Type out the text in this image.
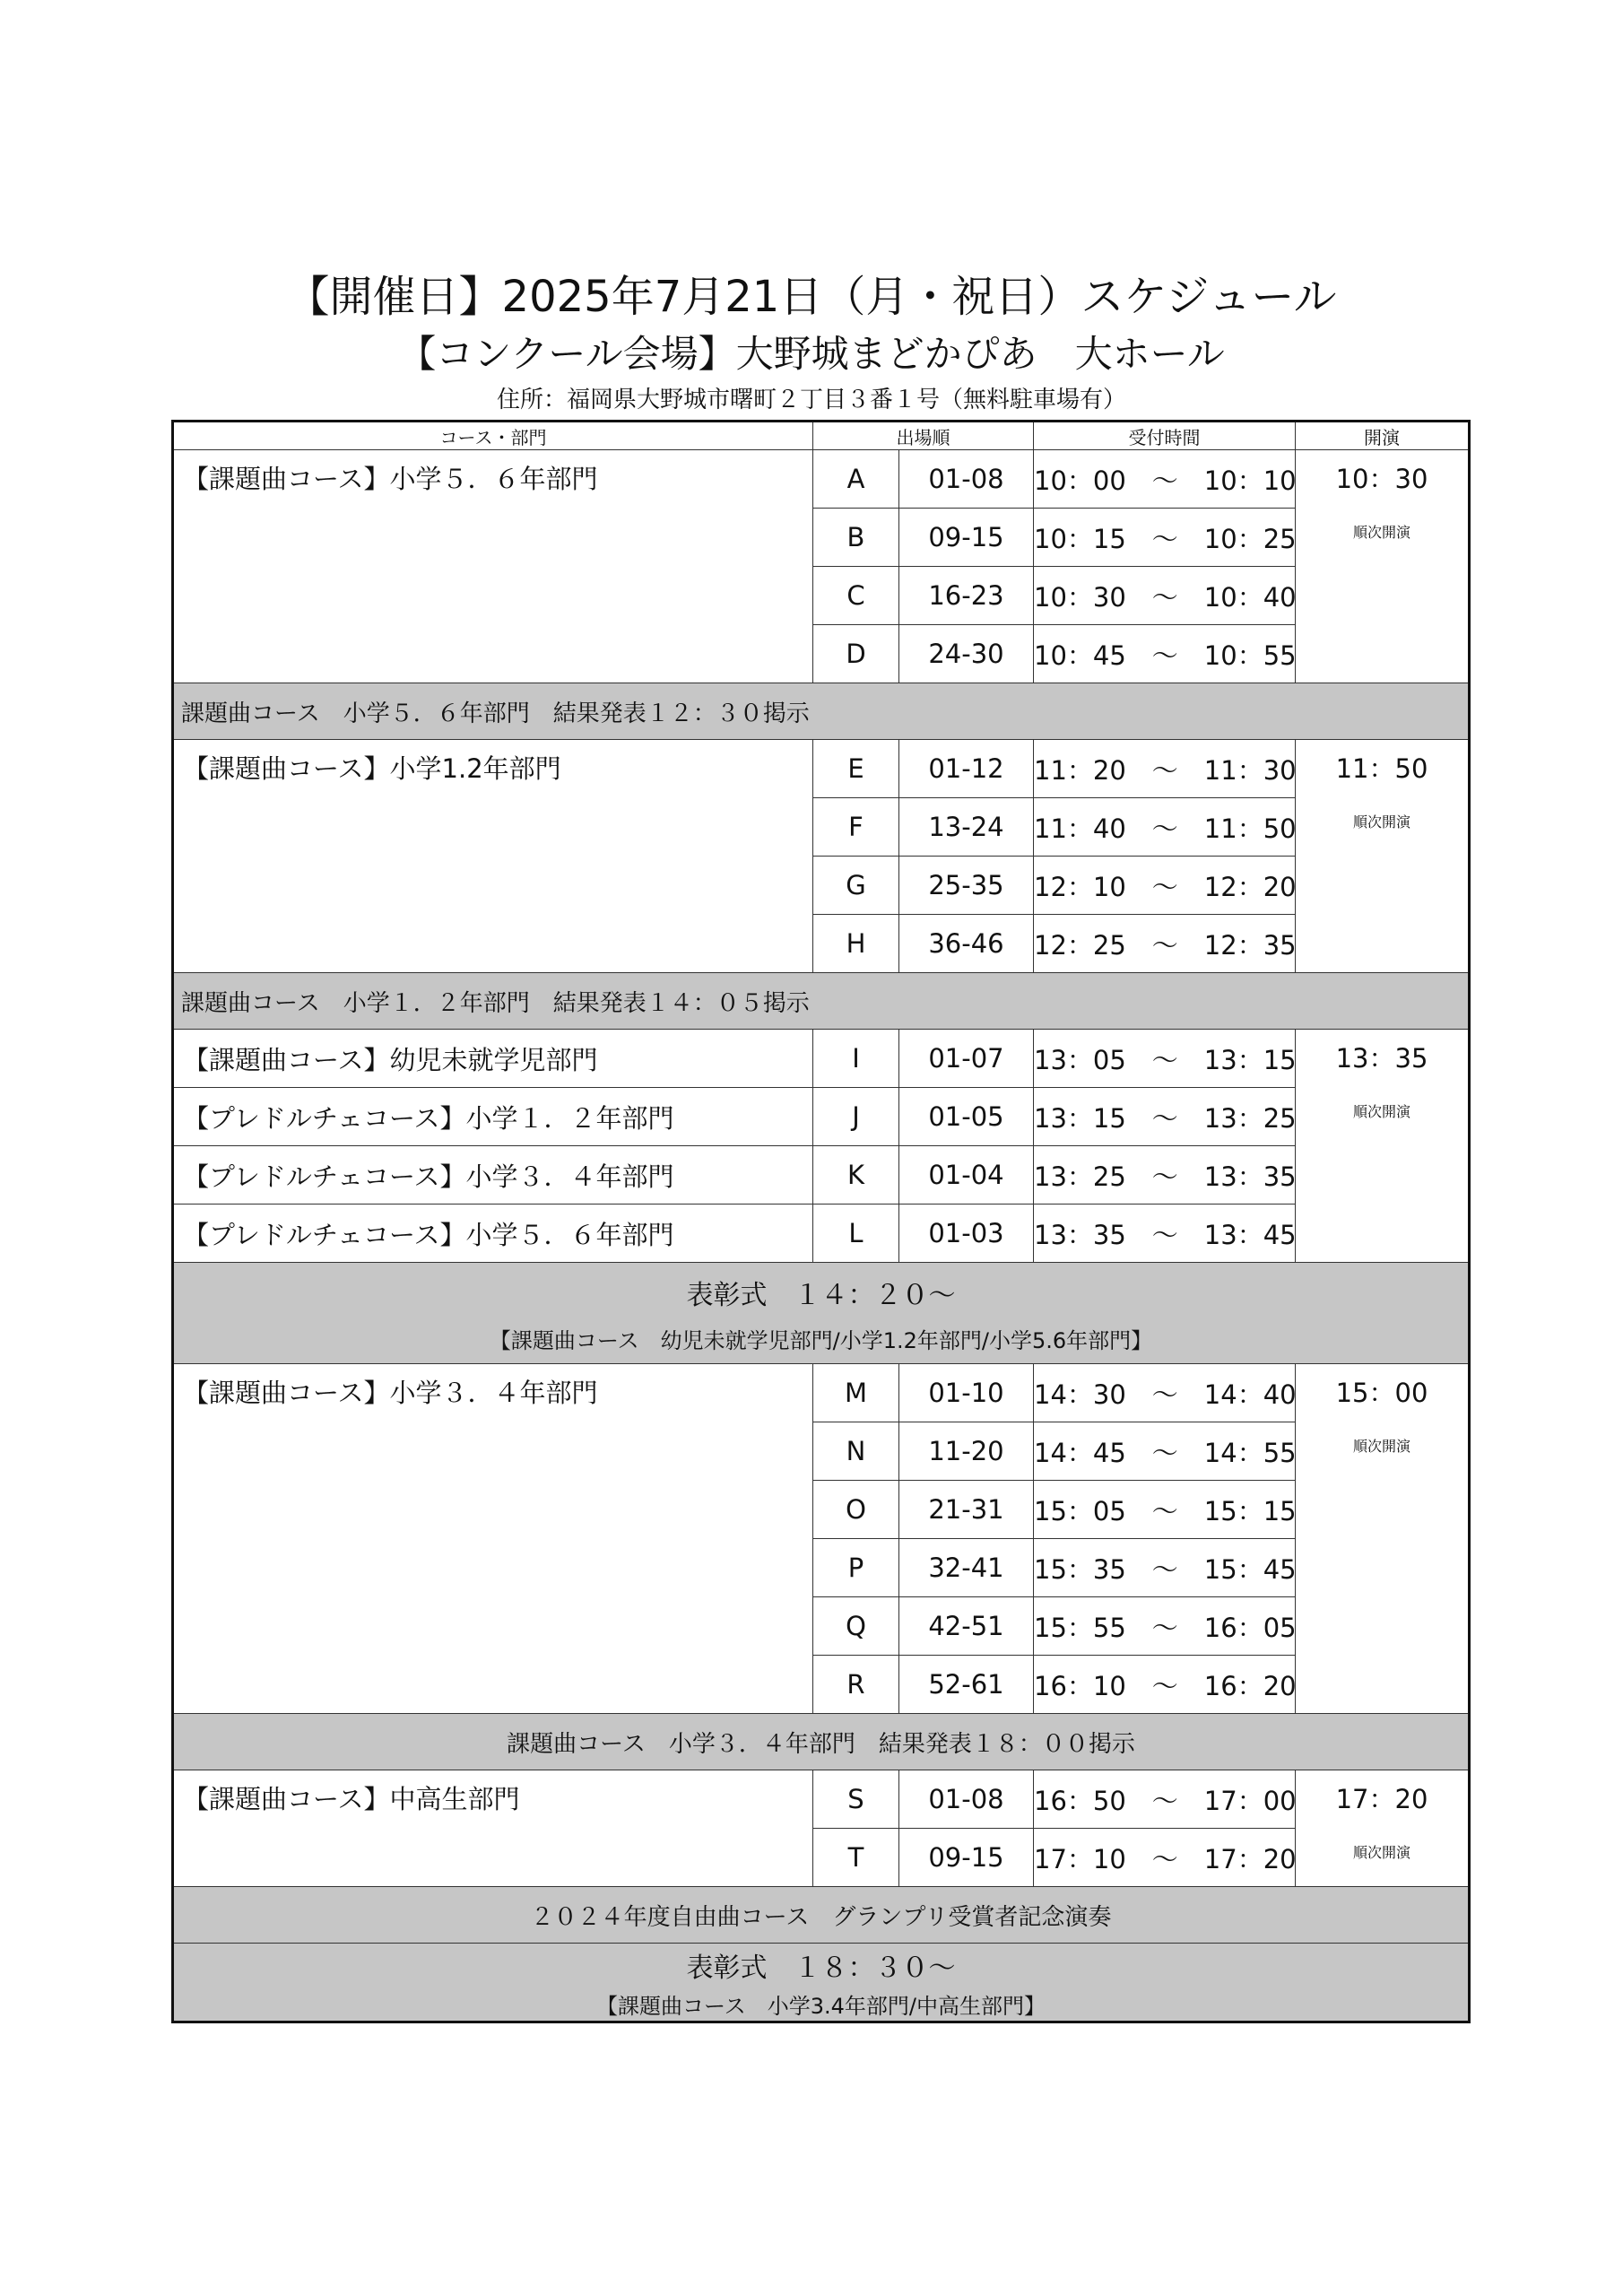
【開催日】2025年7月21日（月・祝日）スケジュール
【コンクール会場】大野城まどかぴあ　大ホール
住所：福岡県大野城市曙町２丁目３番１号（無料駐車場有）
コース・部門	出場順		受付時間	開演
【課題曲コース】小学５．６年部門	A	01-08	10：00　～　10：10	10：30
順次開演

	B	09-15	10：15　～　10：25	
	C	16-23	10：30　～　10：40	
	D	24-30	10：45　～　10：55	
課題曲コース　小学５．６年部門　結果発表１２：３０掲示				
【課題曲コース】小学1.2年部門	E	01-12	11：20　～　11：30	11：50
順次開演

	F	13-24	11：40　～　11：50	
	G	25-35	12：10　～　12：20	
	H	36-46	12：25　～　12：35	
課題曲コース　小学１．２年部門　結果発表１４：０５掲示				
【課題曲コース】幼児未就学児部門	I	01-07	13：05　～　13：15	13：35
順次開演

【プレドルチェコース】小学１．２年部門	J	01-05	13：15　～　13：25	
【プレドルチェコース】小学３．４年部門	K	01-04	13：25　～　13：35	
【プレドルチェコース】小学５．６年部門	L	01-03	13：35　～　13：45	

表彰式　１４：２０～
【課題曲コース　幼児未就学児部門/小学1.2年部門/小学5.6年部門】				

【課題曲コース】小学３．４年部門	M	01-10	14：30　～　14：40	15：00
順次開演

	N	11-20	14：45　～　14：55	
	O	21-31	15：05　～　15：15	
	P	32-41	15：35　～　15：45	
	Q	42-51	15：55　～　16：05	
	R	52-61	16：10　～　16：20	
課題曲コース　小学３．４年部門　結果発表１８：００掲示				
【課題曲コース】中高生部門	S	01-08	16：50　～　17：00	17：20
順次開演

	T	09-15	17：10　～　17：20	
２０２４年度自由曲コース　グランプリ受賞者記念演奏				

表彰式　１８：３０～
【課題曲コース　小学3.4年部門/中高生部門】				
